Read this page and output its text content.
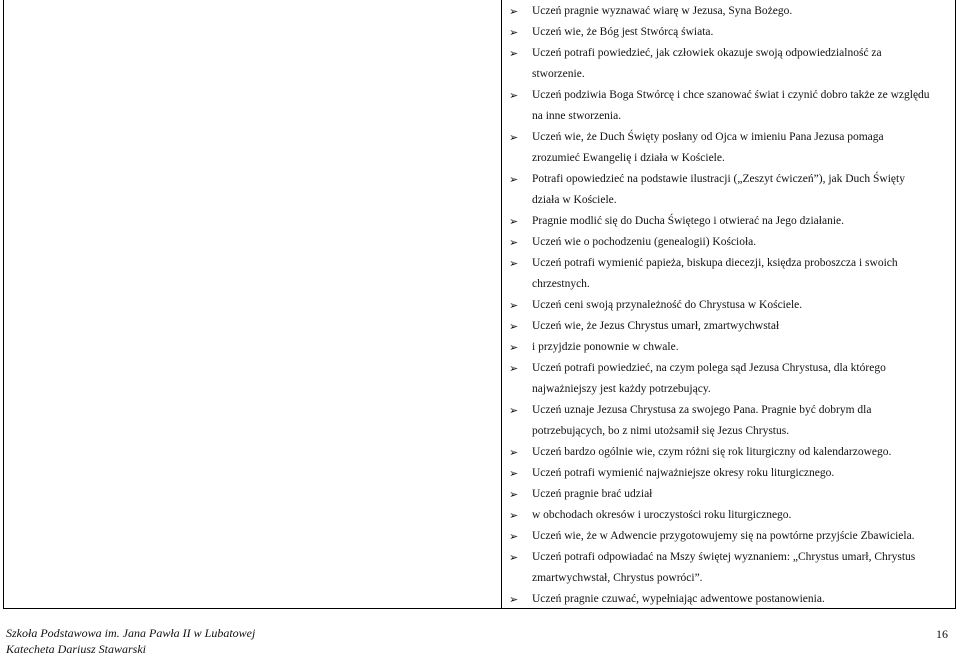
➢ Uczeń pragnie wyznawać wiarę w Jezusa, Syna Bożego.
➢ Uczeń wie, że Bóg jest Stwórcą świata.
➢ Uczeń potrafi powiedzieć, jak człowiek okazuje swoją odpowiedzialność za
stworzenie.
➢ Uczeń podziwia Boga Stwórcę i chce szanować świat i czynić dobro także ze względu
na inne stworzenia.
➢ Uczeń wie, że Duch Święty posłany od Ojca w imieniu Pana Jezusa pomaga
zrozumieć Ewangelię i działa w Kościele.
➢ Potrafi opowiedzieć na podstawie ilustracji („Zeszyt ćwiczeń”), jak Duch Święty
działa w Kościele.
➢ Pragnie modlić się do Ducha Świętego i otwierać na Jego działanie.
➢ Uczeń wie o pochodzeniu (genealogii) Kościoła.
➢ Uczeń potrafi wymienić papieża, biskupa diecezji, księdza proboszcza i swoich
chrzestnych.
➢ Uczeń ceni swoją przynależność do Chrystusa w Kościele.
➢ Uczeń wie, że Jezus Chrystus umarł, zmartwychwstał
➢ i przyjdzie ponownie w chwale.
➢ Uczeń potrafi powiedzieć, na czym polega sąd Jezusa Chrystusa, dla którego
najważniejszy jest każdy potrzebujący.
➢ Uczeń uznaje Jezusa Chrystusa za swojego Pana. Pragnie być dobrym dla
potrzebujących, bo z nimi utożsamił się Jezus Chrystus.
➢ Uczeń bardzo ogólnie wie, czym różni się rok liturgiczny od kalendarzowego.
➢ Uczeń potrafi wymienić najważniejsze okresy roku liturgicznego.
➢ Uczeń pragnie brać udział
➢ w obchodach okresów i uroczystości roku liturgicznego.
➢ Uczeń wie, że w Adwencie przygotowujemy się na powtórne przyjście Zbawiciela.
➢ Uczeń potrafi odpowiadać na Mszy świętej wyznaniem: „Chrystus umarł, Chrystus
zmartwychwstał, Chrystus powróci”.
➢ Uczeń pragnie czuwać, wypełniając adwentowe postanowienia.
Szkoła Podstawowa im. Jana Pawła II w Lubatowej
Katecheta Dariusz Stawarski
16
